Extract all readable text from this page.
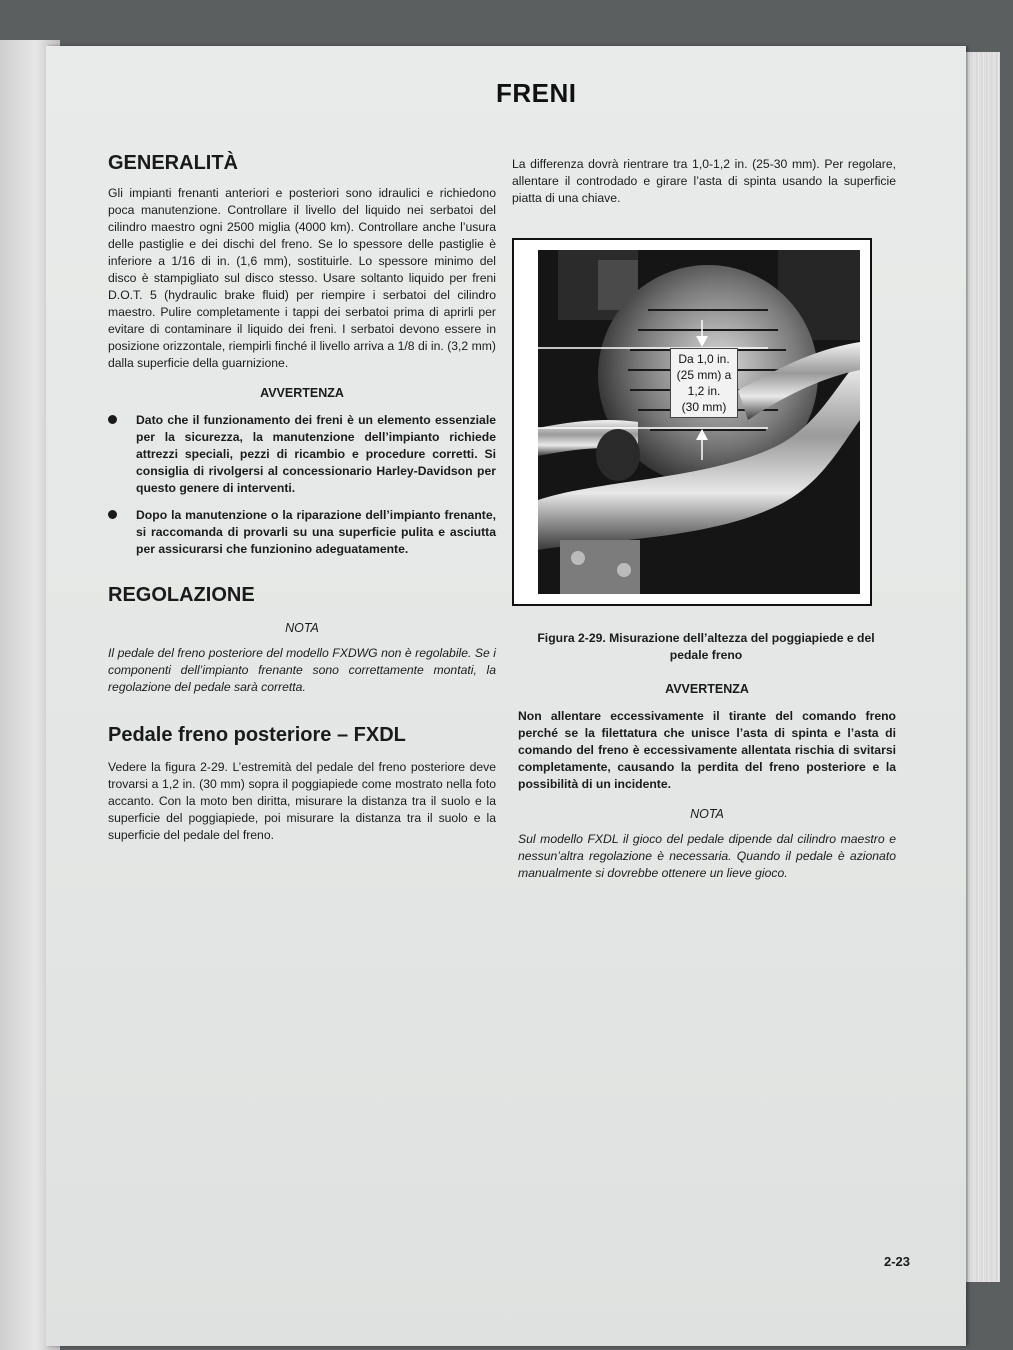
FRENI
GENERALITÀ

Gli impianti frenanti anteriori e posteriori sono idraulici e richiedono poca manutenzione. Controllare il livello del liquido nei serbatoi del cilindro maestro ogni 2500 miglia (4000 km). Controllare anche l’usura delle pastiglie e dei dischi del freno. Se lo spessore delle pastiglie è inferiore a 1/16 di in. (1,6 mm), sostituirle. Lo spessore minimo del disco è stampigliato sul disco stesso. Usare soltanto liquido per freni D.O.T. 5 (hydraulic brake fluid) per riempire i serbatoi del cilindro maestro. Pulire completamente i tappi dei serbatoi prima di aprirli per evitare di contaminare il liquido dei freni. I serbatoi devono essere in posizione orizzontale, riempirli finché il livello arriva a 1/8 di in. (3,2 mm) dalla superficie della guarnizione.

AVVERTENZA

Dato che il funzionamento dei freni è un elemento essenziale per la sicurezza, la manutenzione dell’impianto richiede attrezzi speciali, pezzi di ricambio e procedure corretti. Si consiglia di rivolgersi al concessionario Harley-Davidson per questo genere di interventi.

Dopo la manutenzione o la riparazione dell’impianto frenante, si raccomanda di provarli su una superficie pulita e asciutta per assicurarsi che funzionino adeguatamente.

REGOLAZIONE
NOTA

Il pedale del freno posteriore del modello FXDWG non è regolabile. Se i componenti dell’impianto frenante sono correttamente montati, la regolazione del pedale sarà corretta.

Pedale freno posteriore – FXDL

Vedere la figura 2-29. L’estremità del pedale del freno posteriore deve trovarsi a 1,2 in. (30 mm) sopra il poggiapiede come mostrato nella foto accanto. Con la moto ben diritta, misurare la distanza tra il suolo e la superficie del poggiapiede, poi misurare la distanza tra il suolo e la superficie del pedale del freno.

La differenza dovrà rientrare tra 1,0-1,2 in. (25-30 mm). Per regolare, allentare il controdado e girare l’asta di spinta usando la superficie piatta di una chiave.

Da 1,0 in.
(25 mm) a
1,2 in.
(30 mm)
Figura 2-29. Misurazione dell’altezza del poggiapiede e del pedale freno
AVVERTENZA

Non allentare eccessivamente il tirante del comando freno perché se la filettatura che unisce l’asta di spinta e l’asta di comando del freno è eccessivamente allentata rischia di svitarsi completamente, causando la perdita del freno posteriore e la possibilità di un incidente.

NOTA

Sul modello FXDL il gioco del pedale dipende dal cilindro maestro e nessun’altra regolazione è necessaria. Quando il pedale è azionato manualmente si dovrebbe ottenere un lieve gioco.

2-23
